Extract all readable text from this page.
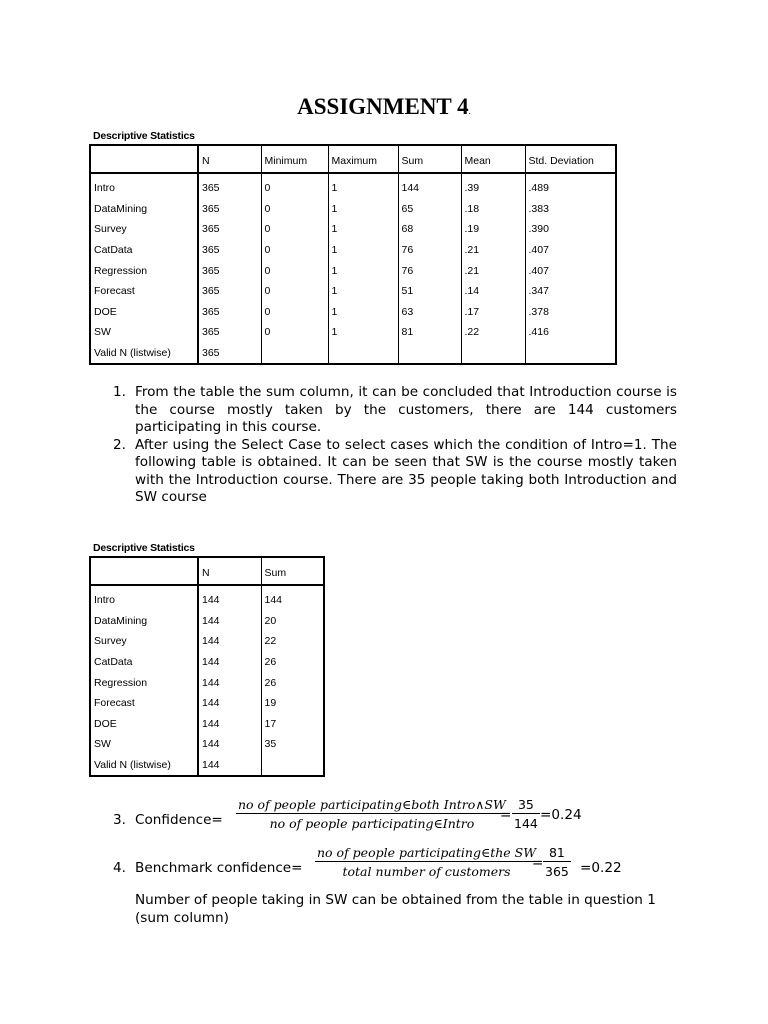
ASSIGNMENT 4.
Descriptive Statistics
	N	Minimum	Maximum	Sum	Mean	Std. Deviation
Intro	365	0	1	144	.39	.489
DataMining	365	0	1	65	.18	.383
Survey	365	0	1	68	.19	.390
CatData	365	0	1	76	.21	.407
Regression	365	0	1	76	.21	.407
Forecast	365	0	1	51	.14	.347
DOE	365	0	1	63	.17	.378
SW	365	0	1	81	.22	.416
Valid N (listwise)	365					
1. From the table the sum column, it can be concluded that Introduction course is the course mostly taken by the customers, there are 144 customers participating in this course.
2. After using the Select Case to select cases which the condition of Intro=1. The following table is obtained. It can be seen that SW is the course mostly taken with the Introduction course. There are 35 people taking both Introduction and SW course
Descriptive Statistics
	N	Sum
Intro	144	144
DataMining	144	20
Survey	144	22
CatData	144	26
Regression	144	26
Forecast	144	19
DOE	144	17
SW	144	35
Valid N (listwise)	144	
3. Confidence=
no of people participating∈both Intro∧SW
no of people participating∈Intro
= $\frac{35}{144} =0.24$
4. Benchmark confidence=
no of people participating∈the SW
total number of customers
= $\frac{81}{365} =0.22$
Number of people taking in SW can be obtained from the table in question 1 (sum column)
